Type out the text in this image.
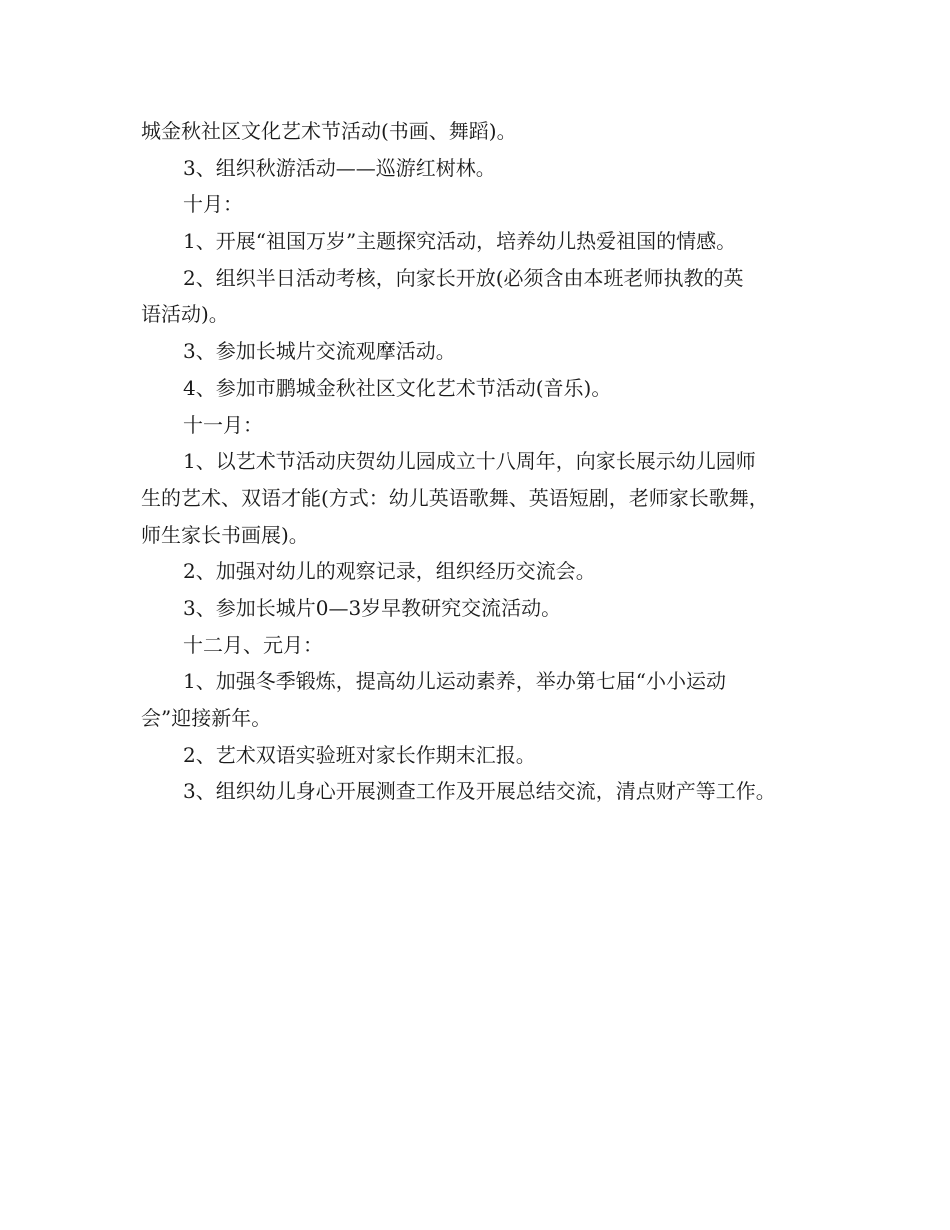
城金秋社区文化艺术节活动(书画、舞蹈)。
3、组织秋游活动——巡游红树林。
十月：
1、开展“祖国万岁”主题探究活动，培养幼儿热爱祖国的情感。
2、组织半日活动考核，向家长开放(必须含由本班老师执教的英
语活动)。
3、参加长城片交流观摩活动。
4、参加市鹏城金秋社区文化艺术节活动(音乐)。
十一月：
1、以艺术节活动庆贺幼儿园成立十八周年，向家长展示幼儿园师
生的艺术、双语才能(方式：幼儿英语歌舞、英语短剧，老师家长歌舞，
师生家长书画展)。
2、加强对幼儿的观察记录，组织经历交流会。
3、参加长城片0—3岁早教研究交流活动。
十二月、元月：
1、加强冬季锻炼，提高幼儿运动素养，举办第七届“小小运动
会”迎接新年。
2、艺术双语实验班对家长作期末汇报。
3、组织幼儿身心开展测查工作及开展总结交流，清点财产等工作。
